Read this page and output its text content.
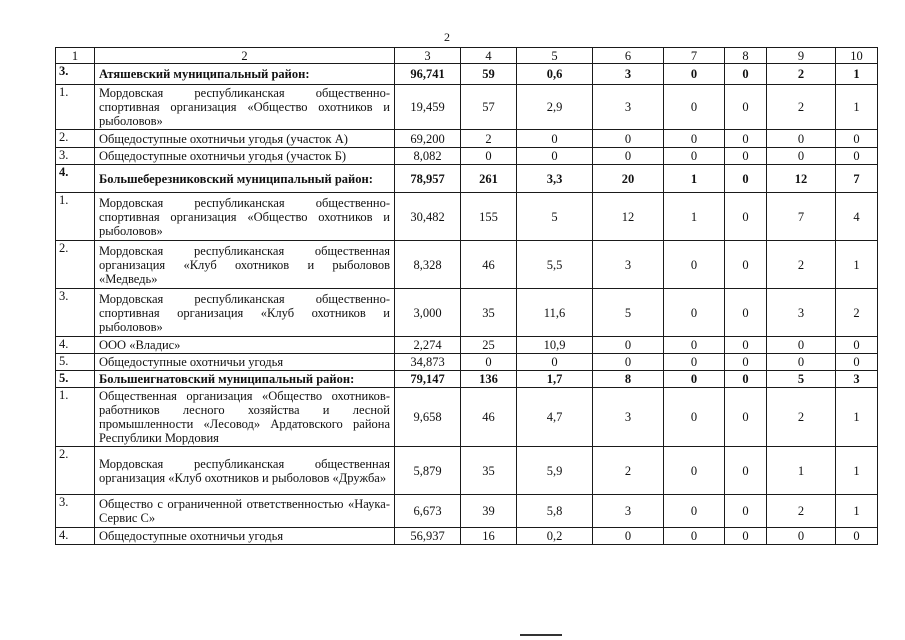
2
1	2	3	4	5	6	7	8	9	10
3.	Атяшевский муниципальный район:	96,741	59	0,6	3	0	0	2	1
1.	Мордовская республиканская общественно-спортивная организация «Общество охотников и рыболовов»	19,459	57	2,9	3	0	0	2	1
2.	Общедоступные охотничьи угодья (участок А)	69,200	2	0	0	0	0	0	0
3.	Общедоступные охотничьи угодья (участок Б)	8,082	0	0	0	0	0	0	0
4.	Большеберезниковский муниципальный район:	78,957	261	3,3	20	1	0	12	7
1.	Мордовская республиканская общественно-спортивная организация «Общество охотников и рыболовов»	30,482	155	5	12	1	0	7	4
2.	Мордовская республиканская общественная организация «Клуб охотников и рыболовов «Медведь»	8,328	46	5,5	3	0	0	2	1
3.	Мордовская республиканская общественно-спортивная организация «Клуб охотников и рыболовов»	3,000	35	11,6	5	0	0	3	2
4.	ООО «Владис»	2,274	25	10,9	0	0	0	0	0
5.	Общедоступные охотничьи угодья	34,873	0	0	0	0	0	0	0
5.	Большеигнатовский муниципальный район:	79,147	136	1,7	8	0	0	5	3
1.	Общественная организация «Общество охотников-работников лесного хозяйства и лесной промышленности «Лесовод» Ардатовского района Республики Мордовия	9,658	46	4,7	3	0	0	2	1
2.	Мордовская республиканская общественная организация «Клуб охотников и рыболовов «Дружба»	5,879	35	5,9	2	0	0	1	1
3.	Общество с ограниченной ответственностью «Наука-Сервис С»	6,673	39	5,8	3	0	0	2	1
4.	Общедоступные охотничьи угодья	56,937	16	0,2	0	0	0	0	0
